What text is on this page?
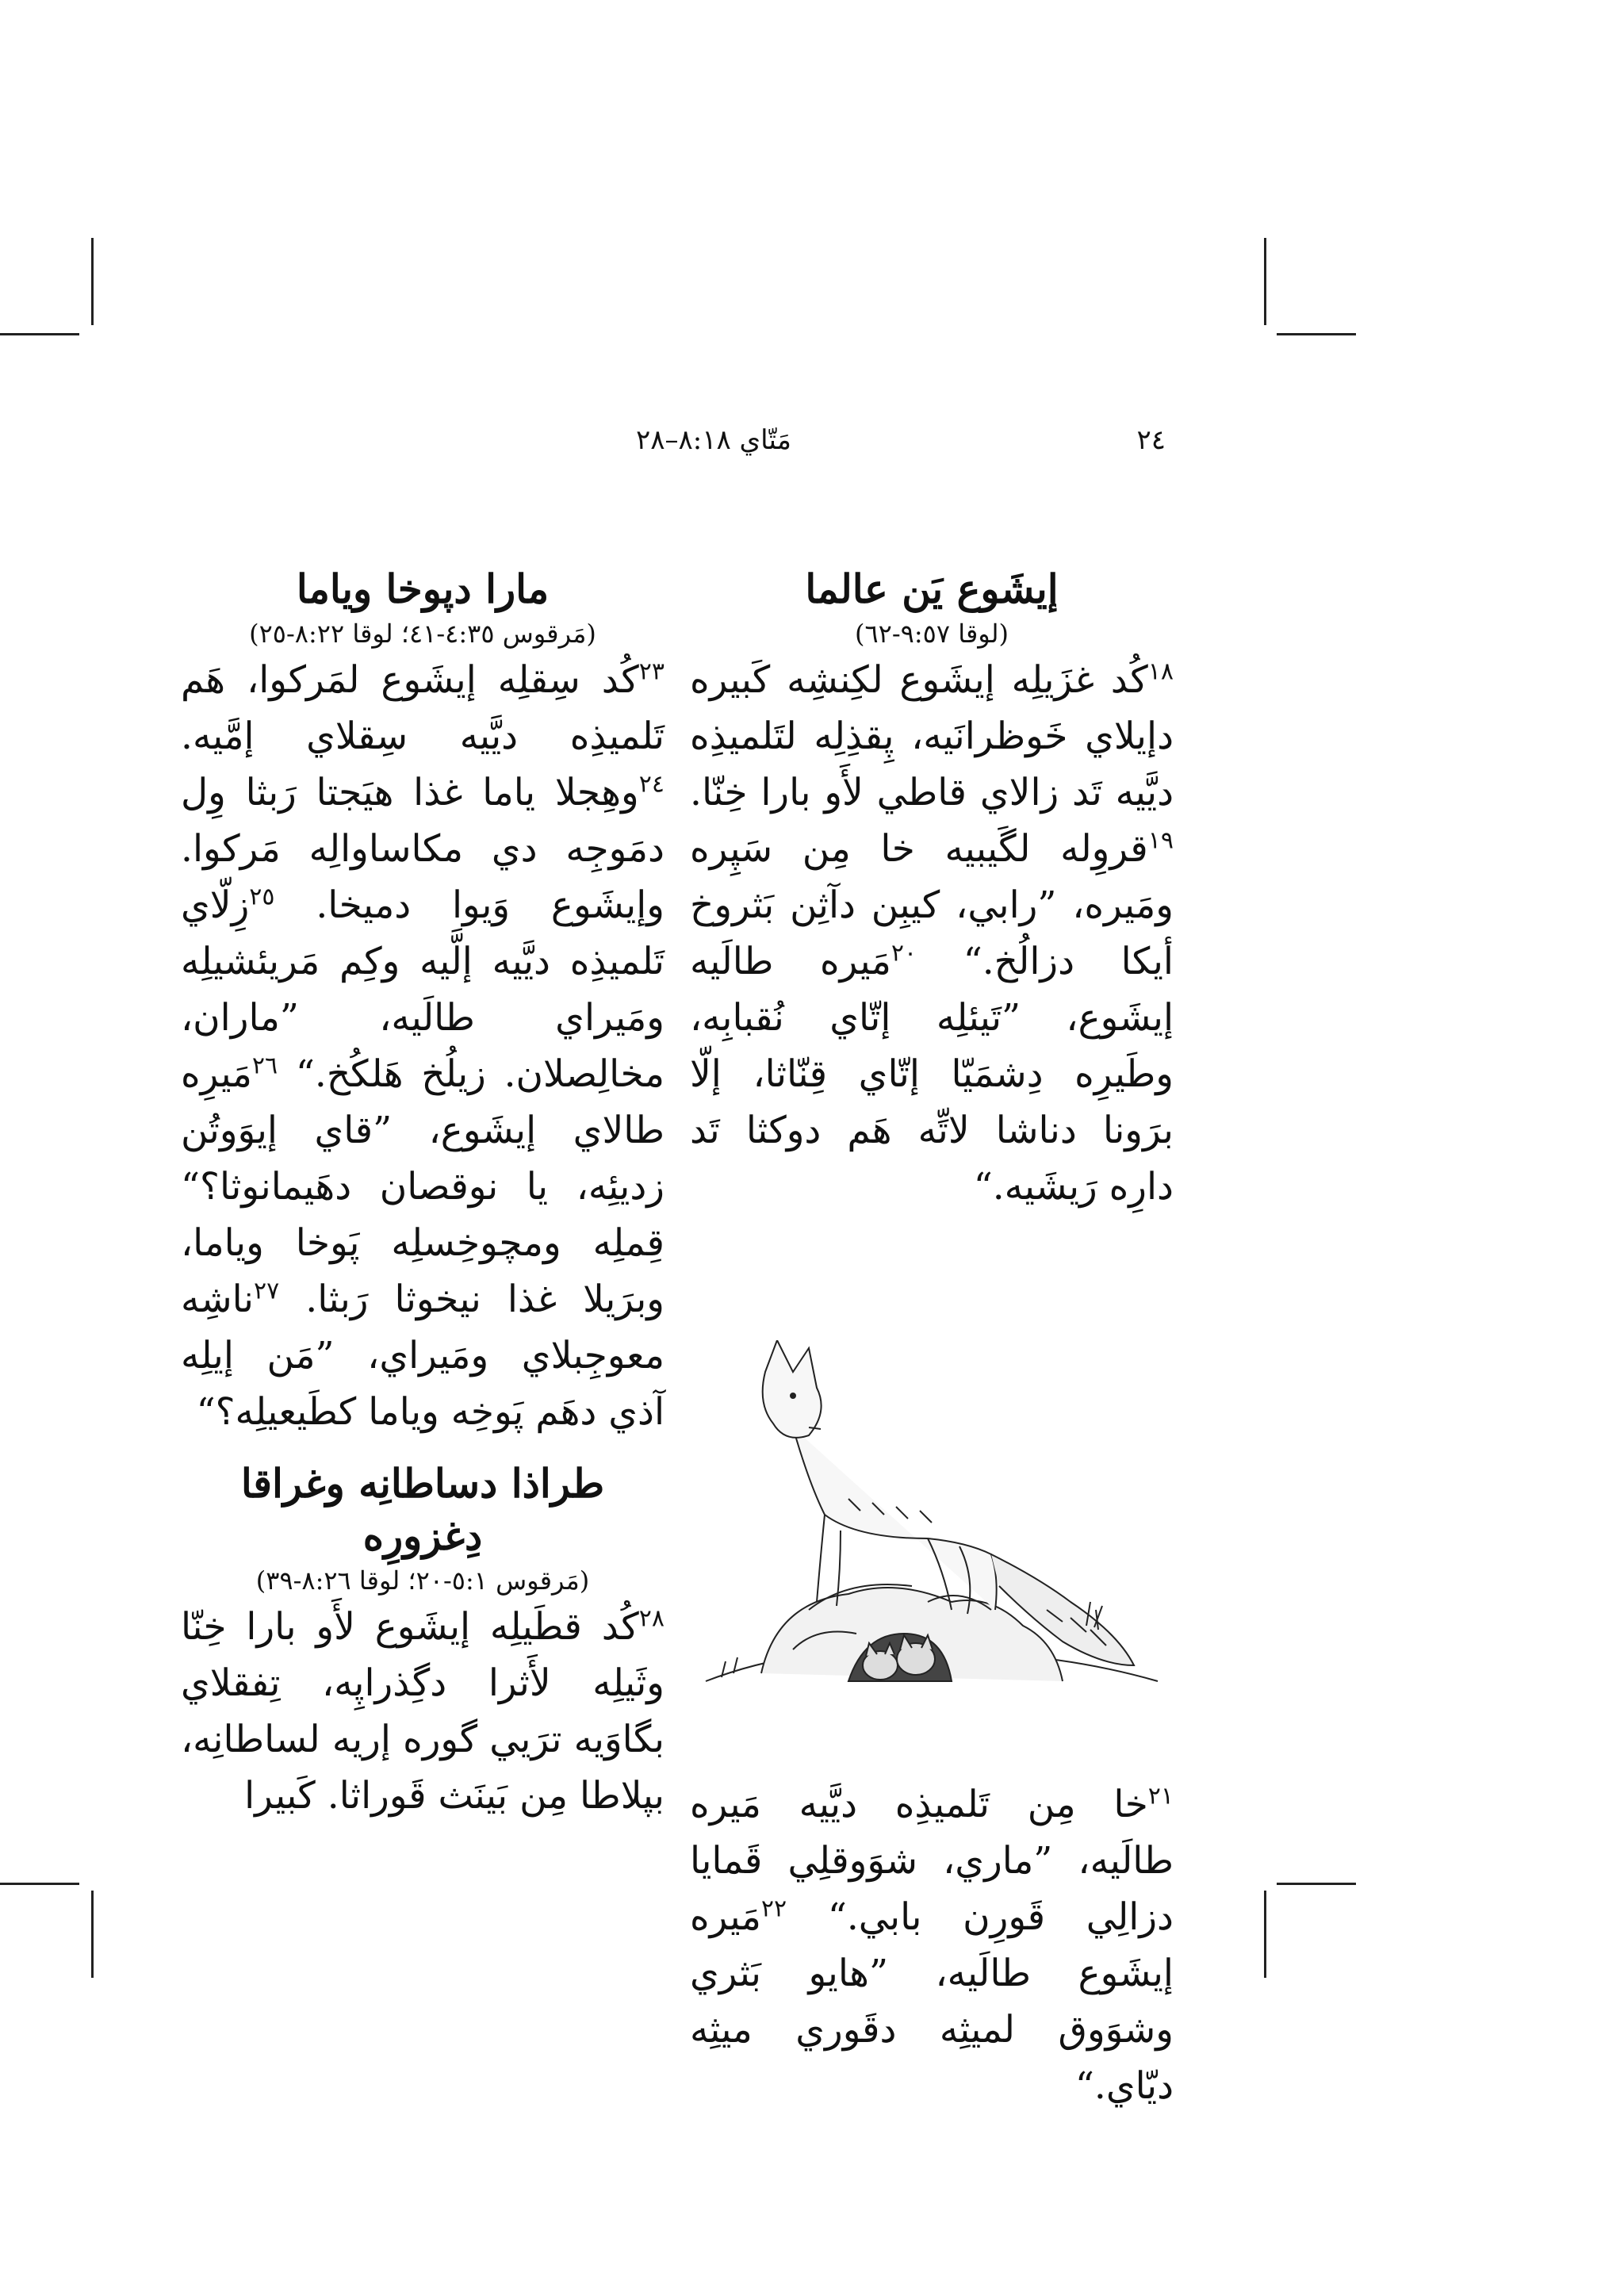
٢٤
مَتّاي ٨:١٨–٢٨
إيشَوع يَن عالما
(لوقا ٩:٥٧-٦٢)

$^{١٨}$كُد غزَيلِه إيشَوع لكِنشِه كَبيره دإيلاي خَوظرانَيه، پِقذِلِه لتَلميذِه ديَّيه تَد زالاي قاطي لأَو بارا خِنّا. $^{١٩}$قروِله لگَيبيه خا مِن سَپِره ومَيره، ”رابي، كيبِن دآثِن بَثروخ أيكا دزالُخ.“ $^{٢٠}$مَيره طالَيه إيشَوع، ”تَيئلِه إتّاي نُقبابِه، وطَيرِه دِشمَيّا إتّاي قِنّاثا، إلّا برَونا دناشا لاتِّه هَم دوكثا تَد دارِه رَيشَيه.“

$^{٢١}$خا مِن تَلميذِه ديَّيه مَيره طالَيه، ”ماري، شوَوقلِي قَمايا دزالِي قَورِن بابي.“ $^{٢٢}$مَيره إيشَوع طالَيه، ”هايو بَثري وشوَوق لميثِه دقَوري ميثِه ديّاي.“

مارا دپوخا وياما
(مَرقوس ٤:٣٥-٤١؛ لوقا ٨:٢٢-٢٥)

$^{٢٣}$كُد سِقلِه إيشَوع لمَركوا، هَم تَلميذِه ديَّيه سِقلاي إمَّيه. $^{٢٤}$وهِجلا ياما غذا هيَجتا رَبثا وِل دمَوجِه دي مكاساوالِه مَركوا. وإيشَوع وَيوا دميخا. $^{٢٥}$زِلّاي تَلميذِه ديَّيه إلَّيه وكِم مَريئشيلِه ومَيراي طالَيه، ”ماران، مخالِصلان. زيلُخ هَلكُخ.“ $^{٢٦}$مَيرِه طالاي إيشَوع، ”قاي إيوَوتُن زديئِه، يا نوقصان دهَيمانوثا؟“ قِملِه ومچوخِسلِه پَوخا وياما، وبرَيلا غذا نيخوثا رَبثا. $^{٢٧}$ناشِه معوجِبلاي ومَيراي، ”مَن إيلِه آذي دهَم پَوخِه وياما كطَيعيلِه؟“

طراذا دساطانِه وغراقا دِغزورِه
(مَرقوس ٥:١-٢٠؛ لوقا ٨:٢٦-٣٩)

$^{٢٨}$كُد قطَيلِه إيشَوع لأَو بارا خِنّا وثَيلِه لأَثرا دگِذراپِه، تِفقلاي بگاوَيه ترَيي گوره إريه لساطانِه، بپلاطا مِن بَينَث قَوراثا. كَبيرا
